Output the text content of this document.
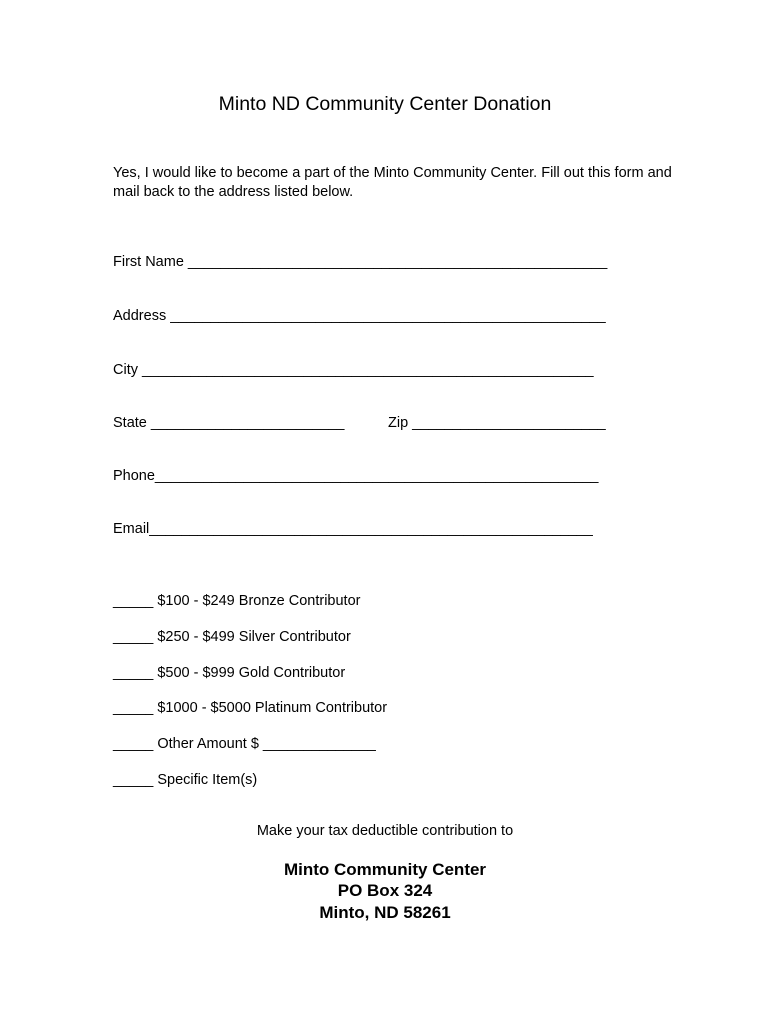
Minto ND Community Center Donation
Yes, I would like to become a part of the Minto Community Center. Fill out this form and mail back to the address listed below.
First Name ____________________________________________________
Address ______________________________________________________
City ________________________________________________________
State ________________________	Zip ________________________
Phone_______________________________________________________
Email_______________________________________________________
_____ $100 - $249 Bronze Contributor
_____ $250 - $499 Silver Contributor
_____ $500 - $999 Gold Contributor
_____ $1000 - $5000 Platinum Contributor
_____ Other Amount $ ______________
_____ Specific Item(s)
Make your tax deductible contribution to
Minto Community Center
PO Box 324
Minto, ND 58261
